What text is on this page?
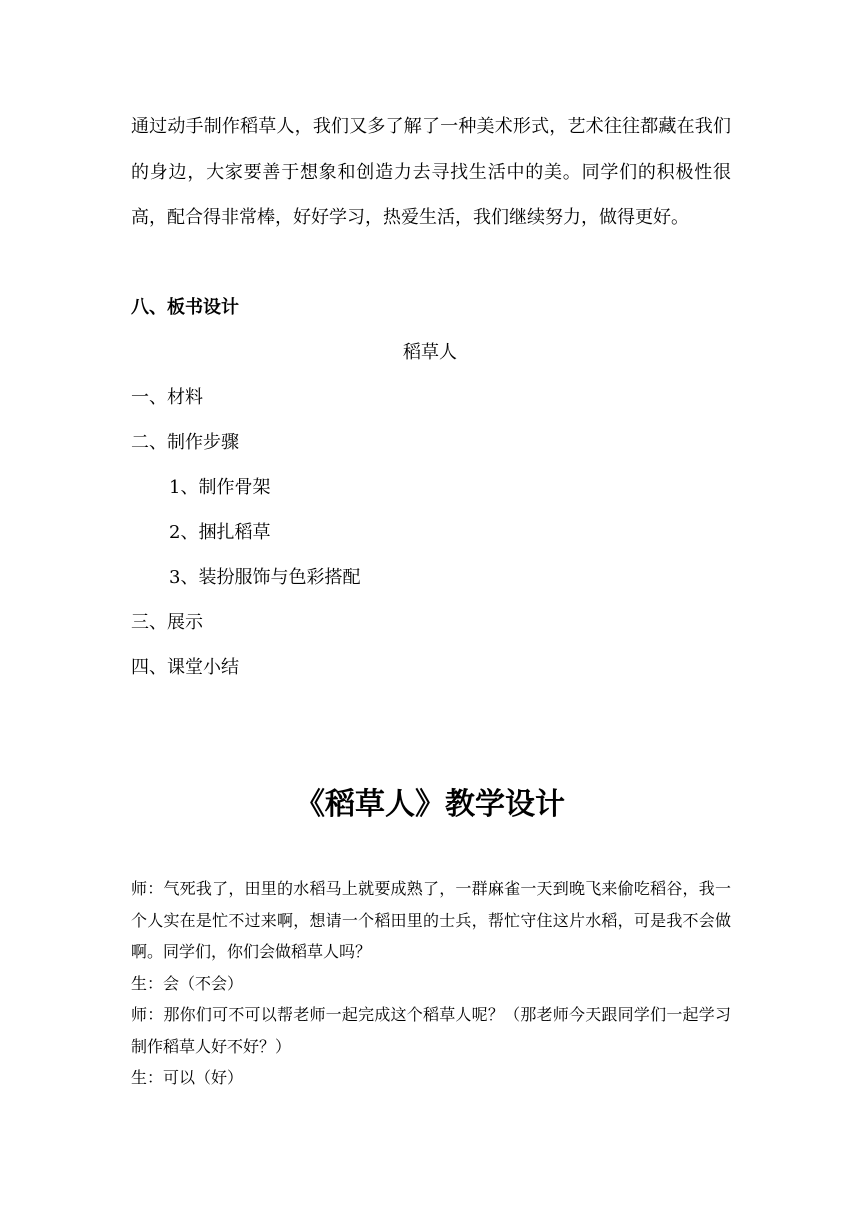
通过动手制作稻草人，我们又多了解了一种美术形式，艺术往往都藏在我们的身边，大家要善于想象和创造力去寻找生活中的美。同学们的积极性很高，配合得非常棒，好好学习，热爱生活，我们继续努力，做得更好。
八、板书设计
稻草人
一、材料
二、制作步骤
1、制作骨架
2、捆扎稻草
3、装扮服饰与色彩搭配
三、展示
四、课堂小结
《稻草人》教学设计

师：气死我了，田里的水稻马上就要成熟了，一群麻雀一天到晚飞来偷吃稻谷，我一个人实在是忙不过来啊，想请一个稻田里的士兵，帮忙守住这片水稻，可是我不会做啊。同学们，你们会做稻草人吗？

生：会（不会）

师：那你们可不可以帮老师一起完成这个稻草人呢？（那老师今天跟同学们一起学习制作稻草人好不好？）

生：可以（好）
